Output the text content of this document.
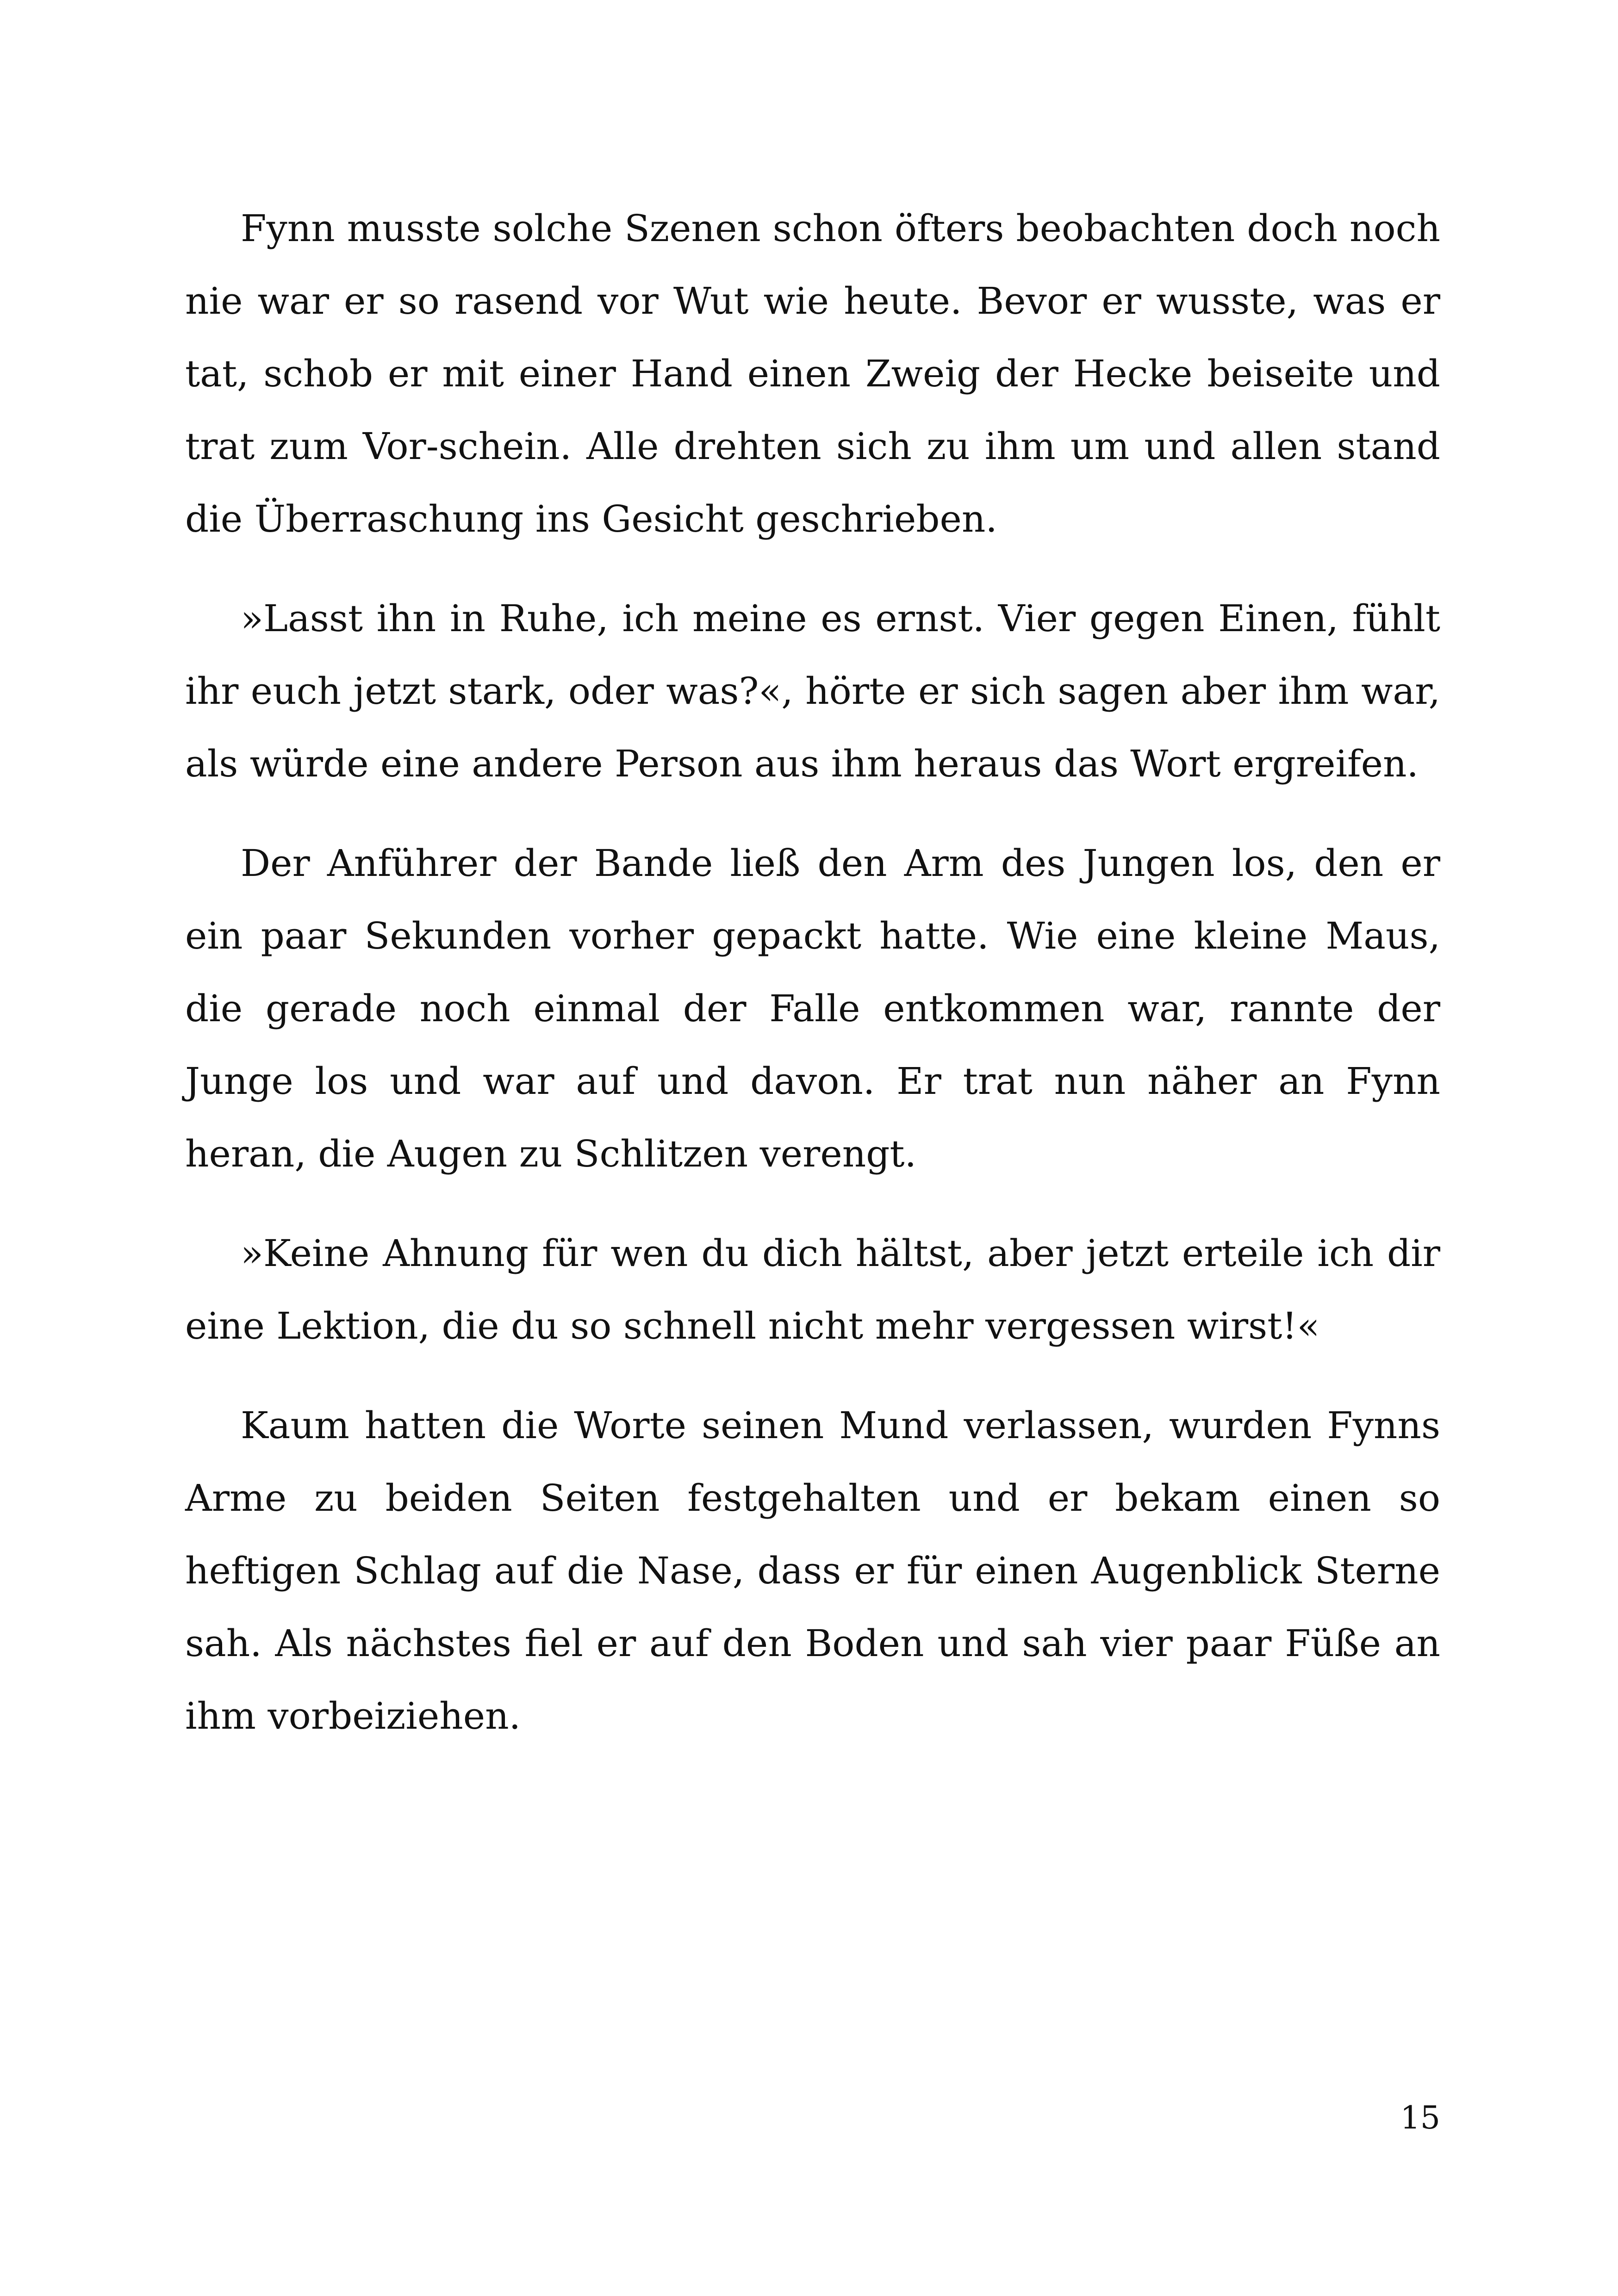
Fynn musste solche Szenen schon öfters beobachten doch noch nie war er so rasend vor Wut wie heute. Bevor er wusste, was er tat, schob er mit einer Hand einen Zweig der Hecke beiseite und trat zum Vor-schein. Alle drehten sich zu ihm um und allen stand die Überraschung ins Gesicht geschrieben.

»Lasst ihn in Ruhe, ich meine es ernst. Vier gegen Einen, fühlt ihr euch jetzt stark, oder was?«, hörte er sich sagen aber ihm war, als würde eine andere Person aus ihm heraus das Wort ergreifen.

Der Anführer der Bande ließ den Arm des Jungen los, den er ein paar Sekunden vorher gepackt hatte. Wie eine kleine Maus, die gerade noch einmal der Falle entkommen war, rannte der Junge los und war auf und davon. Er trat nun näher an Fynn heran, die Augen zu Schlitzen verengt.

»Keine Ahnung für wen du dich hältst, aber jetzt erteile ich dir eine Lektion, die du so schnell nicht mehr vergessen wirst!«

Kaum hatten die Worte seinen Mund verlassen, wurden Fynns Arme zu beiden Seiten festgehalten und er bekam einen so heftigen Schlag auf die Nase, dass er für einen Augenblick Sterne sah. Als nächstes fiel er auf den Boden und sah vier paar Füße an ihm vorbeiziehen.

15
